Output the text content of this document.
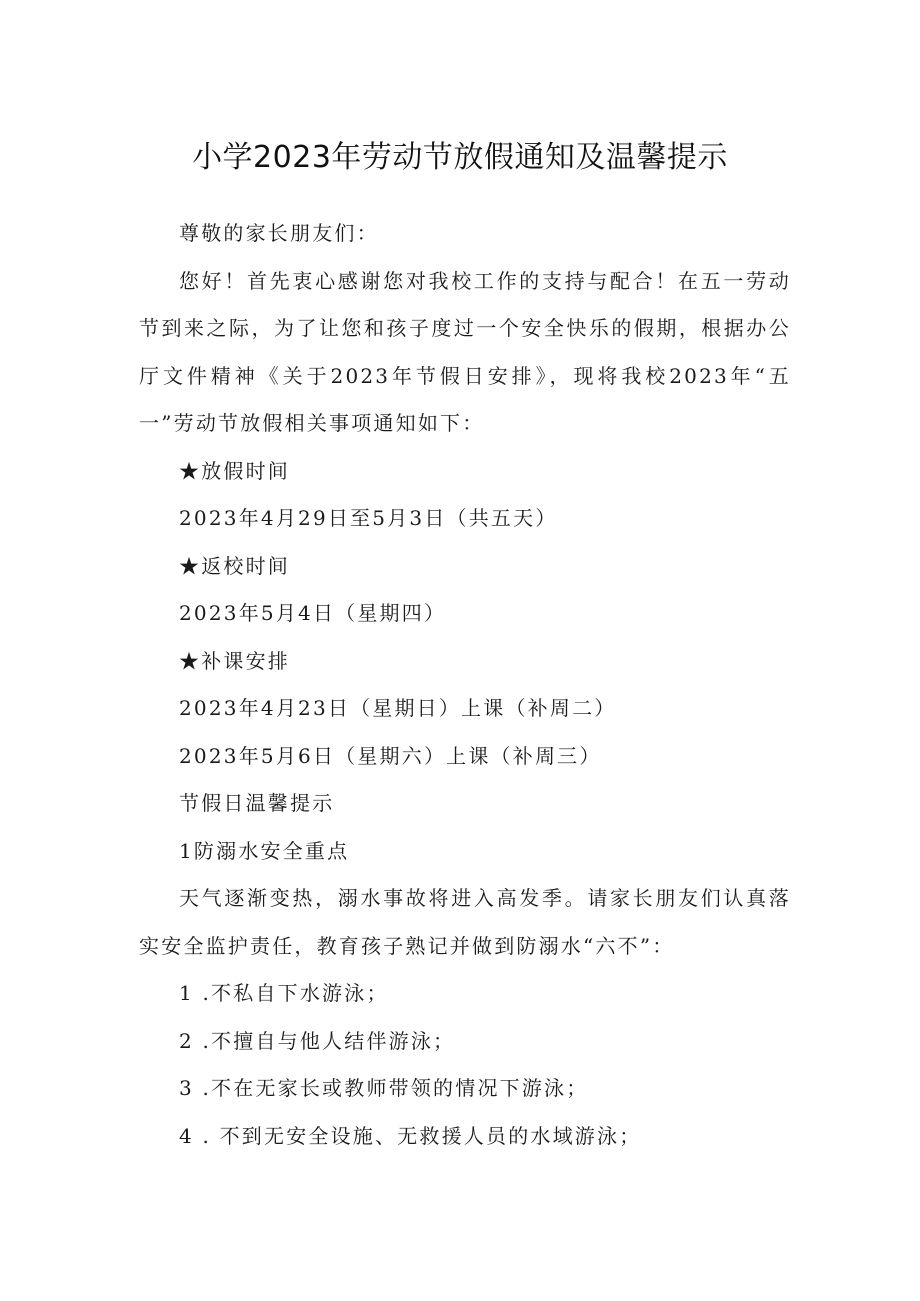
小学2023年劳动节放假通知及温馨提示

尊敬的家长朋友们：

您好！首先衷心感谢您对我校工作的支持与配合！在五一劳动节到来之际，为了让您和孩子度过一个安全快乐的假期，根据办公厅文件精神《关于2023年节假日安排》，现将我校2023年“五一”劳动节放假相关事项通知如下：

★放假时间

2023年4月29日至5月3日（共五天）

★返校时间

2023年5月4日（星期四）

★补课安排

2023年4月23日（星期日）上课（补周二）

2023年5月6日（星期六）上课（补周三）

节假日温馨提示

1防溺水安全重点

天气逐渐变热，溺水事故将进入高发季。请家长朋友们认真落实安全监护责任，教育孩子熟记并做到防溺水“六不”：

1 .不私自下水游泳；

2 .不擅自与他人结伴游泳；

3 .不在无家长或教师带领的情况下游泳；

4 . 不到无安全设施、无救援人员的水域游泳；
